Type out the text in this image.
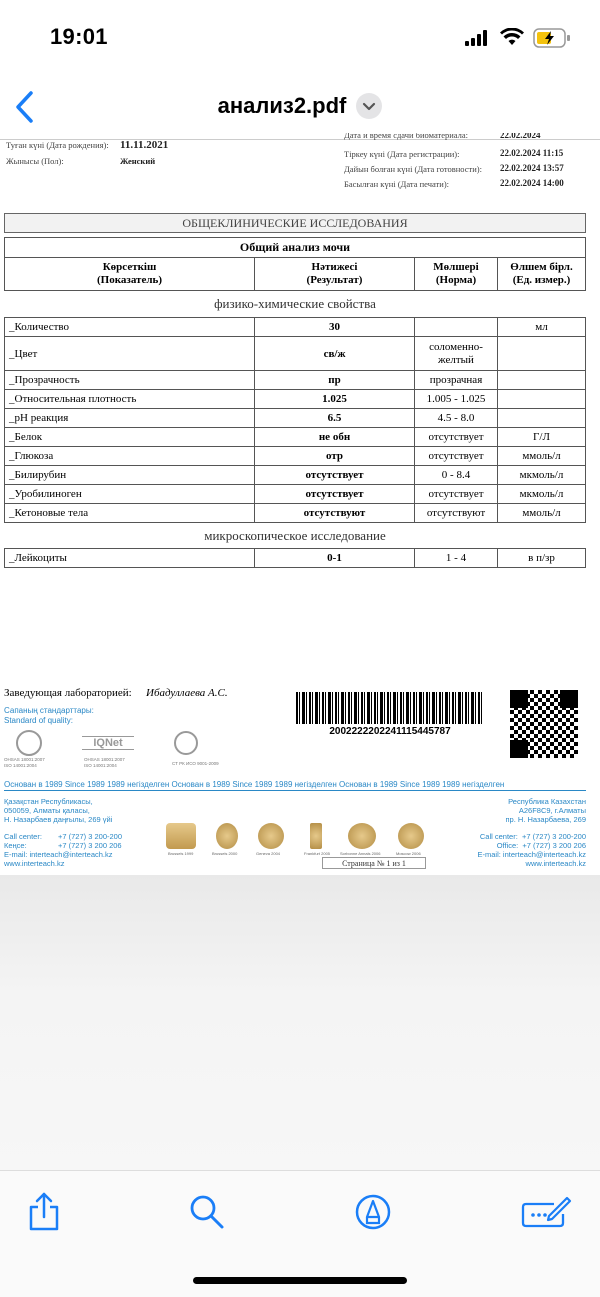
19:01
анализ2.pdf
Туған күні (Дата рождения): 11.11.2021
Жынысы (Пол):	Женский
Дата и время сдачи биоматериала:	22.02.2024
Тіркеу күні (Дата регистрации):	22.02.2024 11:15
Дайын болған күні (Дата готовности): 22.02.2024 13:57
Басылған күні (Дата печати):	22.02.2024 14:00
ОБЩЕКЛИНИЧЕСКИЕ ИССЛЕДОВАНИЯ
Общий анализ мочи

Көрсеткіш
(Показатель)

Нәтижесі
(Результат)

Мөлшері
(Норма)

Өлшем бірл.
(Ед. измер.)
физико-химические свойства
_Количество	30		мл
_Цвет	св/ж	соломенно-желтый	
_Прозрачность	пр	прозрачная	
_Относительная плотность	1.025	1.005 - 1.025	
_pH реакция	6.5	4.5 - 8.0	
_Белок	не обн	отсутствует	Г/Л
_Глюкоза	отр	отсутствует	ммоль/л
_Билирубин	отсутствует	0 - 8.4	мкмоль/л
_Уробилиноген	отсутствует	отсутствует	мкмоль/л
_Кетоновые тела	отсутствуют	отсутствуют	ммоль/л
микроскопическое исследование
_Лейкоциты	0-1	1 - 4	в п/зр
Заведующая лабораторией: Ибадуллаева А.С.
2002222202241115445787
Сапаның стандарттары:
Standard of quality:
OHSAS 18001:2007
ISO 14001:2004
IQNet
OHSAS 18001:2007
ISO 14001:2004	СТ РК ИСО 9001-2009
Основан в 1989 Since 1989 1989 негізделген Основан в 1989 Since 1989 1989 негізделген Основан в 1989 Since 1989 1989 негізделген
Қазақстан Республикасы,
050059, Алматы қаласы,
Н. Назарбаев даңғылы, 269 үйі
Республика Казахстан
A26F8C9, г.Алматы
пр. Н. Назарбаева, 269
Call center: +7 (727) 3 200-200
Кеңсе:	+7 (727) 3 200 206
E-mail: interteach@interteach.kz
www.interteach.kz
Call center: +7 (727) 3 200-200
Office: +7 (727) 3 200 206
E-mail: interteach@interteach.kz
www.interteach.kz
Brussels 1999	Brussels 2000	Geneva 2004	Frankfurt 2005 Sorbonne Annals 2006	Moscow 2006
Страница № 1 из 1
